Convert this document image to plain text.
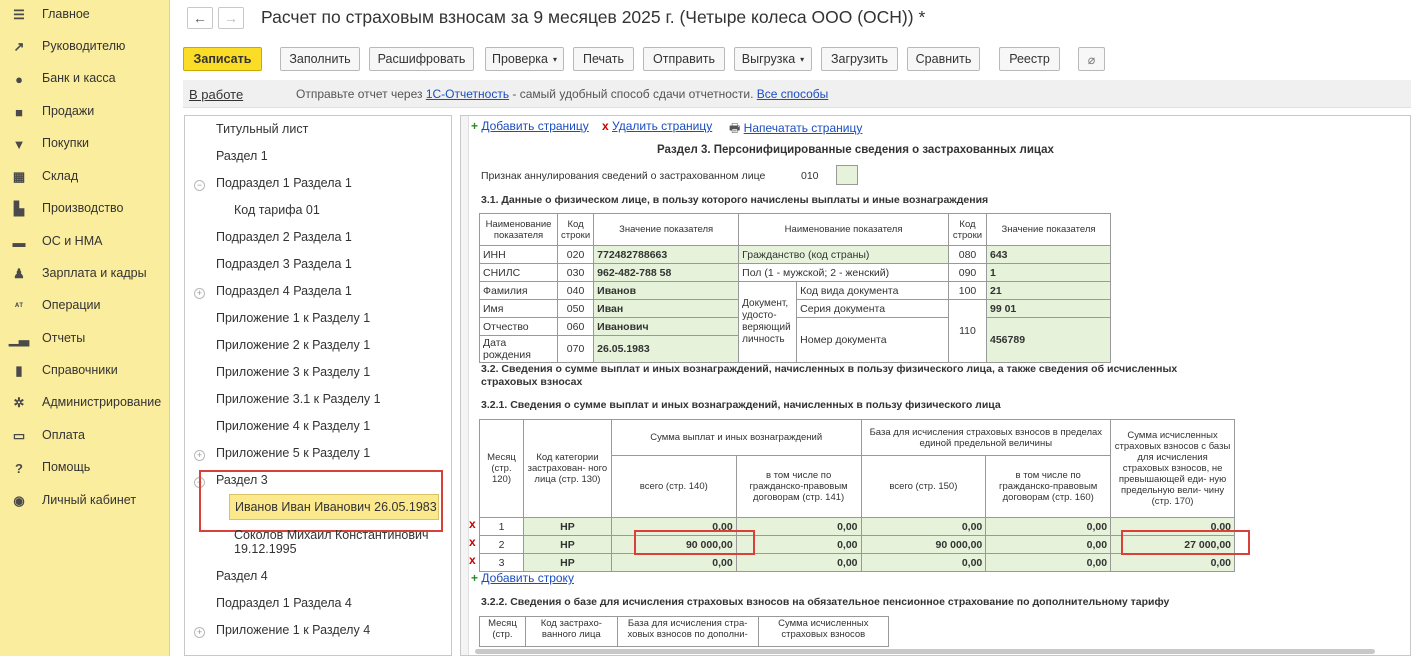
☰ Главное
↗ Руководителю
●	Банк и касса
■	Продажи
▼ Покупки
▦ Склад
▙ Производство
▬ ОС и НМА
♟ Зарплата и кадры
ᴬᵀ	Операции
▁▃ Отчеты
▮	Справочники
✲ Администрирование
▭ Оплата
?	Помощь
◉ Личный кабинет
← → Расчет по страховым взносам за 9 месяцев 2025 г. (Четыре колеса ООО (ОСН)) *
Записать	Заполнить	Расшифровать	Проверка ▾	Печать	Отправить	Выгрузка ▾	Загрузить	Сравнить	Реестр	⌀
В работе	Отправьте отчет через 1С-Отчетность - самый удобный способ сдачи отчетности. Все способы
Титульный лист
Раздел 1
− Подраздел 1 Раздела 1
Код тарифа 01
Подраздел 2 Раздела 1
Подраздел 3 Раздела 1
+ Подраздел 4 Раздела 1
Приложение 1 к Разделу 1
Приложение 2 к Разделу 1
Приложение 3 к Разделу 1
Приложение 3.1 к Разделу 1
Приложение 4 к Разделу 1
+ Приложение 5 к Разделу 1
− Раздел 3
Иванов Иван Иванович 26.05.1983
Соколов Михаил Константинович
19.12.1995
Раздел 4
Подраздел 1 Раздела 4
+ Приложение 1 к Разделу 4
+ Добавить страницу x Удалить страницу 🖶 Напечатать страницу
Раздел 3. Персонифицированные сведения о застрахованных лицах
Признак аннулирования сведений о застрахованном лице	010
3.1. Данные о физическом лице, в пользу которого начислены выплаты и иные вознаграждения
Наименование показателя	Код строки	Значение показателя	Наименование показателя		Код строки	Значение показателя
ИНН	020	772482788663	Гражданство (код страны)		080	643
СНИЛС	030	962-482-788 58	Пол (1 - мужской; 2 - женский)		090	1
Фамилия	040	Иванов	Документ, удосто- веряющий личность	Код вида документа	100	21
Имя	050	Иван		Серия документа	110	99 01
Отчество	060	Иванович		Номер документа		456789
Дата рождения	070	26.05.1983				
3.2. Сведения о сумме выплат и иных вознаграждений, начисленных в пользу физического лица, а также сведения об исчисленных страховых взносах
3.2.1. Сведения о сумме выплат и иных вознаграждений, начисленных в пользу физического лица
Месяц (стр. 120)	Код категории застрахован- ного лица (стр. 130)	Сумма выплат и иных вознаграждений		База для исчисления страховых взносов в пределах единой предельной величины		Сумма исчисленных страховых взносов с базы для исчисления страховых взносов, не превышающей еди- ную предельную вели- чину (стр. 170)
		всего (стр. 140)	в том числе по гражданско-правовым договорам (стр. 141)	всего (стр. 150)	в том числе по гражданско-правовым договорам (стр. 160)	
1	НР	0,00	0,00	0,00	0,00	0,00
2	НР	90 000,00	0,00	90 000,00	0,00	27 000,00
3	НР	0,00	0,00	0,00	0,00	0,00
x
x
x
+ Добавить строку
3.2.2. Сведения о базе для исчисления страховых взносов на обязательное пенсионное страхование по дополнительному тарифу
Месяц (стр.	Код застрахо- ванного лица	База для исчисления стра- ховых взносов по дополни-	Сумма исчисленных страховых взносов
